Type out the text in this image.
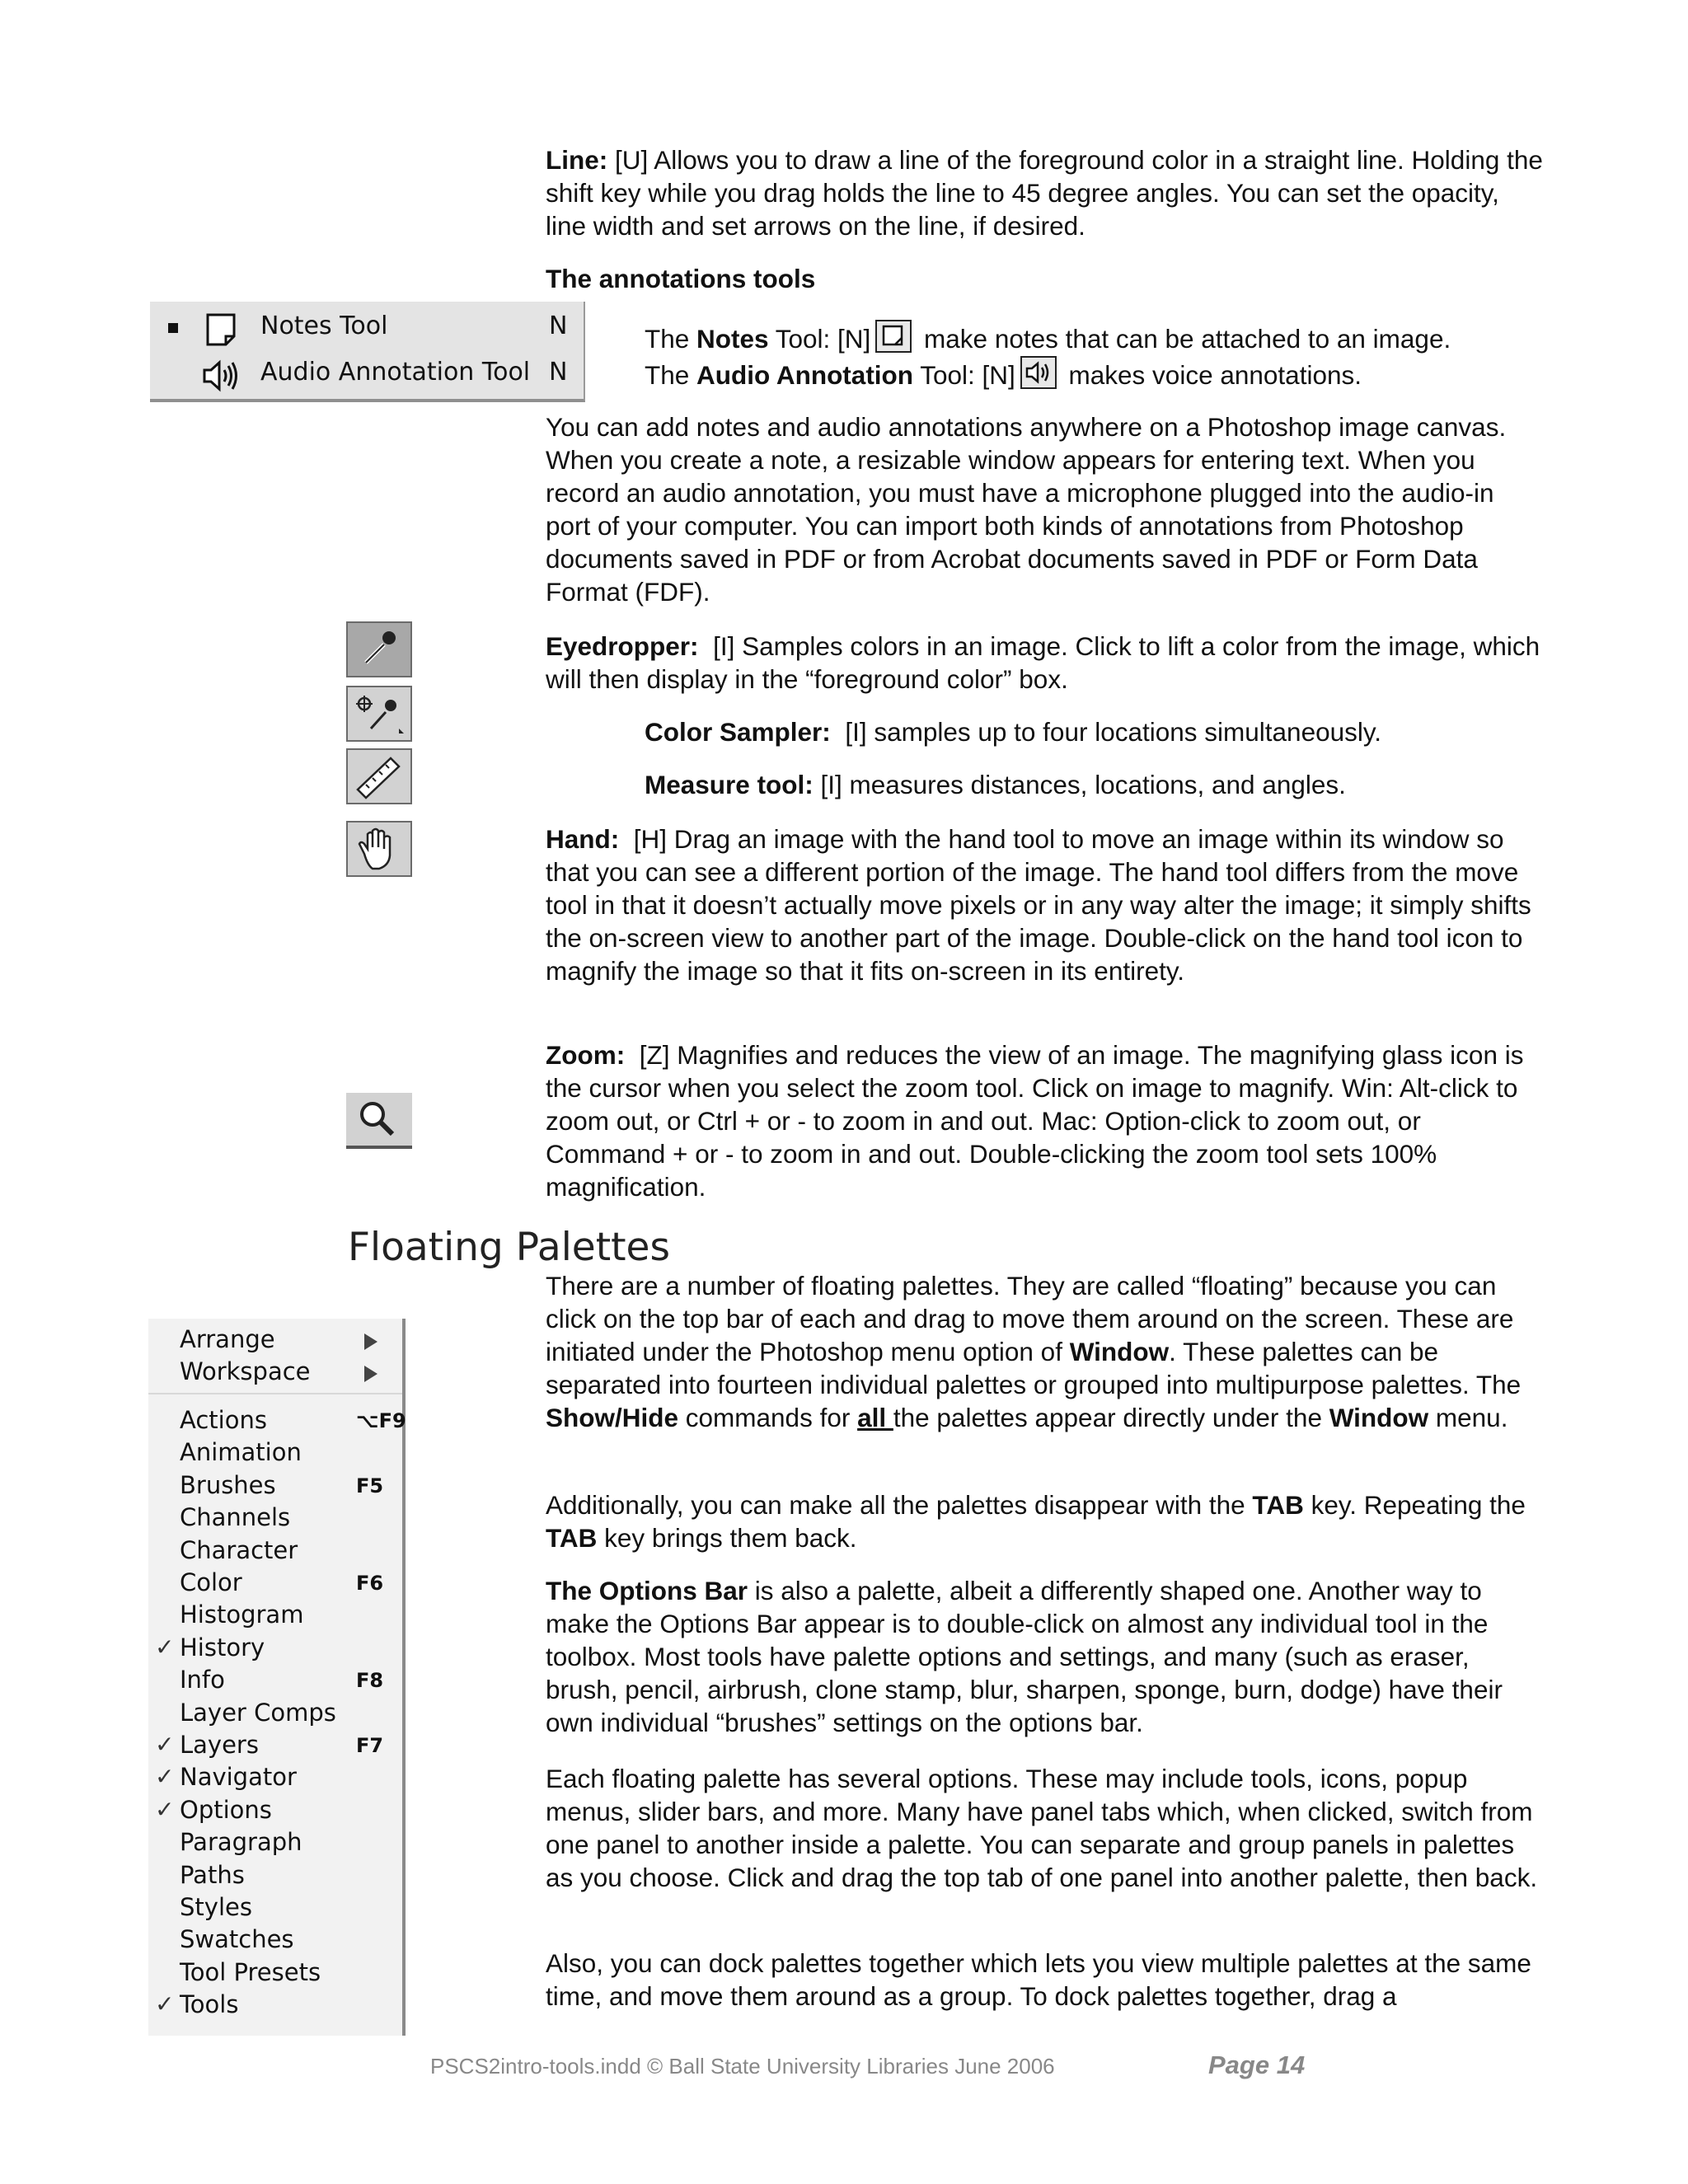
Line: [U] Allows you to draw a line of the foreground color in a straight line. Holding the shift key while you drag holds the line to 45 degree angles. You can set the opacity, line width and set arrows on the line, if desired.

The annotations tools

Notes Tool	N
Audio Annotation Tool N

The Notes Tool: [N] make notes that can be attached to an image.

The Audio Annotation Tool: [N] makes voice annotations.

You can add notes and audio annotations anywhere on a Photoshop image canvas. When you create a note, a resizable window appears for entering text. When you record an audio annotation, you must have a microphone plugged into the audio-in port of your computer. You can import both kinds of annotations from Photoshop documents saved in PDF or from Acrobat documents saved in PDF or Form Data Format (FDF).

Eyedropper: [I] Samples colors in an image. Click to lift a color from the image, which will then display in the “foreground color” box.

Color Sampler: [I] samples up to four locations simultaneously.

Measure tool: [I] measures distances, locations, and angles.

Hand: [H] Drag an image with the hand tool to move an image within its window so that you can see a different portion of the image. The hand tool differs from the move tool in that it doesn’t actually move pixels or in any way alter the image; it simply shifts the on-screen view to another part of the image. Double-click on the hand tool icon to magnify the image so that it fits on-screen in its entirety.

Zoom: [Z] Magnifies and reduces the view of an image. The magnifying glass icon is the cursor when you select the zoom tool. Click on image to magnify. Win: Alt-click to zoom out, or Ctrl + or - to zoom in and out. Mac: Option-click to zoom out, or Command + or - to zoom in and out. Double-clicking the zoom tool sets 100% magnification.

Floating Palettes
Arrange
Workspace
Actions	⌥F9
Animation
Brushes	F5
Channels
Character
Color	F6
Histogram
✓ History
Info	F8
Layer Comps
✓ Layers	F7
✓ Navigator
✓ Options
Paragraph
Paths
Styles
Swatches
Tool Presets
✓ Tools

There are a number of floating palettes. They are called “floating” because you can click on the top bar of each and drag to move them around on the screen. These are initiated under the Photoshop menu option of Window. These palettes can be separated into fourteen individual palettes or grouped into multipurpose palettes. The Show/Hide commands for all the palettes appear directly under the Window menu.

Additionally, you can make all the palettes disappear with the TAB key. Repeating the TAB key brings them back.

The Options Bar is also a palette, albeit a differently shaped one. Another way to make the Options Bar appear is to double-click on almost any individual tool in the toolbox. Most tools have palette options and settings, and many (such as eraser, brush, pencil, airbrush, clone stamp, blur, sharpen, sponge, burn, dodge) have their own individual “brushes” settings on the options bar.

Each floating palette has several options. These may include tools, icons, popup menus, slider bars, and more. Many have panel tabs which, when clicked, switch from one panel to another inside a palette. You can separate and group panels in palettes as you choose. Click and drag the top tab of one panel into another palette, then back.

Also, you can dock palettes together which lets you view multiple palettes at the same time, and move them around as a group. To dock palettes together, drag a

PSCS2intro-tools.indd © Ball State University Libraries June 2006	Page 14
